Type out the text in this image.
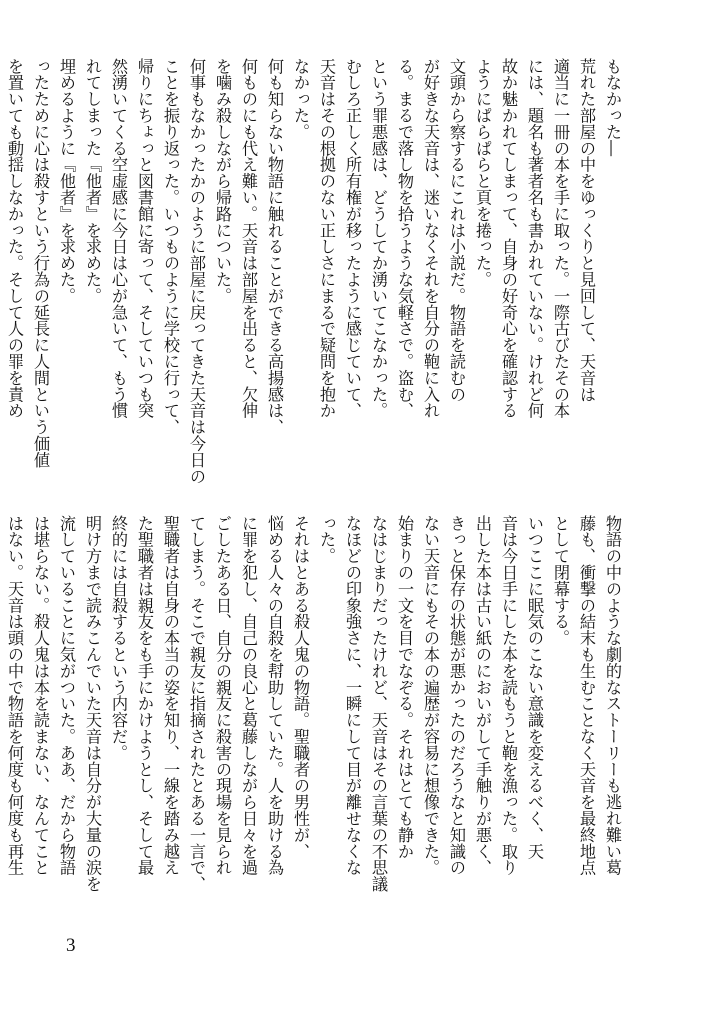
もなかった―
荒れた部屋の中をゆっくりと見回して、天音は
適当に一冊の本を手に取った。一際古びたその本
には、題名も著者名も書かれていない。けれど何
故か魅かれてしまって、自身の好奇心を確認する
ようにぱらぱらと頁を捲った。
文頭から察するにこれは小説だ。物語を読むの
が好きな天音は、迷いなくそれを自分の鞄に入れ
る。まるで落し物を拾うような気軽さで。盗む、
という罪悪感は、どうしてか湧いてこなかった。
むしろ正しく所有権が移ったように感じていて、
天音はその根拠のない正しさにまるで疑問を抱か
なかった。
何も知らない物語に触れることができる高揚感は、
何ものにも代え難い。天音は部屋を出ると、欠伸
を噛み殺しながら帰路についた。
何事もなかったかのように部屋に戻ってきた天音は今日の
ことを振り返った。いつものように学校に行って、
帰りにちょっと図書館に寄って、そしていつも突
然湧いてくる空虚感に今日は心が急いて、もう慣
れてしまった『他者』を求めた。
埋めるように『他者』を求めた。
ったために心は殺すという行為の延長に人間という価値
を置いても動揺しなかった。そして人の罪を責め
物語の中のような劇的なストーリーも逃れ難い葛
藤も、衝撃の結末も生むことなく天音を最終地点
として閉幕する。
いつここに眠気のこない意識を変えるべく、天
音は今日手にした本を読もうと鞄を漁った。取り
出した本は古い紙のにおいがして手触りが悪く、
きっと保存の状態が悪かったのだろうなと知識の
ない天音にもその本の遍歴が容易に想像できた。
始まりの一文を目でなぞる。それはとても静か
なはじまりだったけれど、天音はその言葉の不思議
なほどの印象強さに、一瞬にして目が離せなくな
った。
それはとある殺人鬼の物語。聖職者の男性が、
悩める人々の自殺を幇助していた。人を助ける為
に罪を犯し、自己の良心と葛藤しながら日々を過
ごしたある日、自分の親友に殺害の現場を見られ
てしまう。そこで親友に指摘されたとある一言で、
聖職者は自身の本当の姿を知り、一線を踏み越え
た聖職者は親友をも手にかけようとし、そして最
終的には自殺するという内容だ。
明け方まで読みこんでいた天音は自分が大量の涙を
流していることに気がついた。ああ、だから物語
は堪らない。殺人鬼は本を読まない、なんてこと
はない。天音は頭の中で物語を何度も何度も再生
3
